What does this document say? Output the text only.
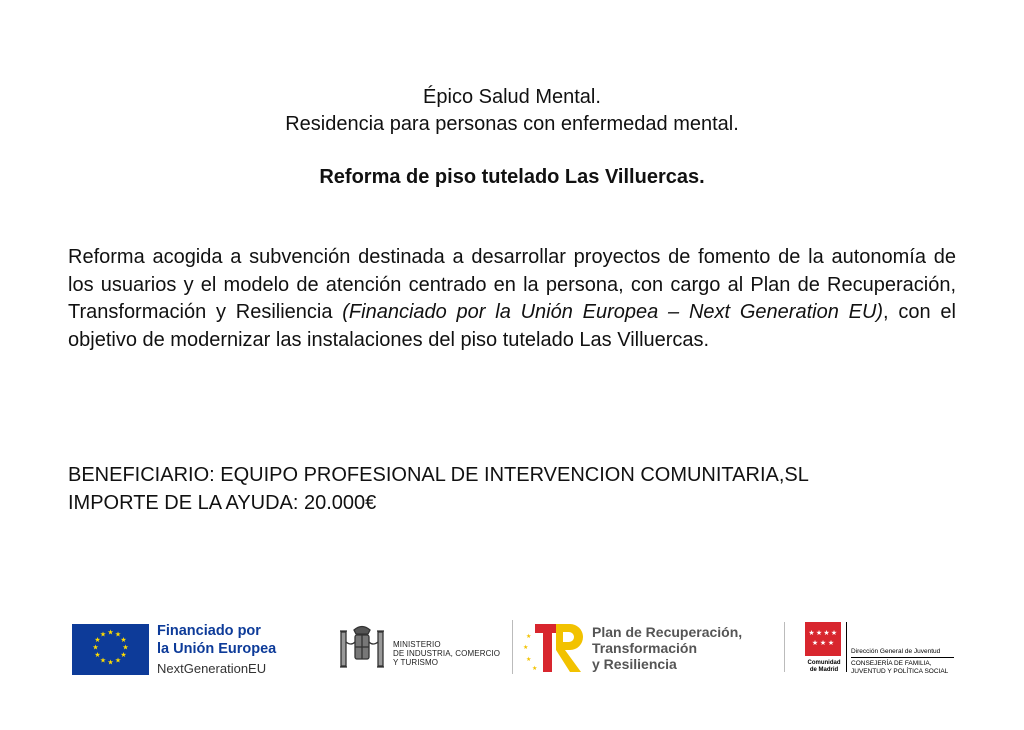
Épico Salud Mental.
Residencia para personas con enfermedad mental.
Reforma de piso tutelado Las Villuercas.
Reforma acogida a subvención destinada a desarrollar proyectos de fomento de la autonomía de los usuarios y el modelo de atención centrado en la persona, con cargo al Plan de Recuperación, Transformación y Resiliencia (Financiado por la Unión Europea – Next Generation EU), con el objetivo de modernizar las instalaciones del piso tutelado Las Villuercas.
BENEFICIARIO: EQUIPO PROFESIONAL DE INTERVENCION COMUNITARIA,SL
IMPORTE DE LA AYUDA: 20.000€
★ ★
★
★
★
★
★
★
★
★
★
★	Financiado por
la Unión Europea
NextGenerationEU
MINISTERIO
DE INDUSTRIA, COMERCIO
Y TURISMO
★
★
★
★
Plan de Recuperación,
Transformación
y Resiliencia
★ ★ ★ ★
★ ★ ★
Comunidad
de Madrid
Dirección General de Juventud
CONSEJERÍA DE FAMILIA,
JUVENTUD Y POLÍTICA SOCIAL
